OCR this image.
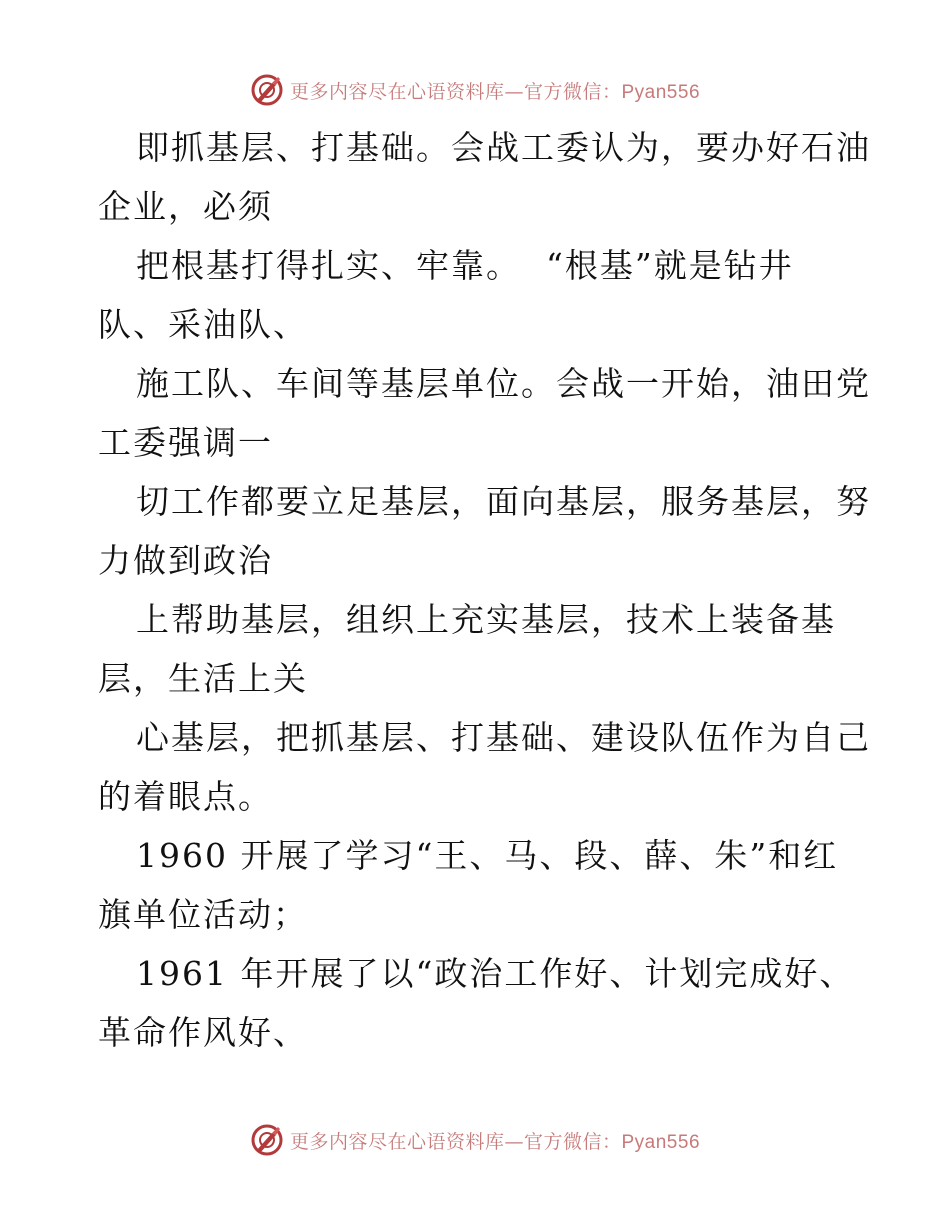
更多内容尽在心语资料库—官方微信：Pyan556
即抓基层、打基础。会战工委认为，要办好石油
企业，必须
把根基打得扎实、牢靠。  “根基”就是钻井
队、采油队、
施工队、车间等基层单位。会战一开始，油田党
工委强调一
切工作都要立足基层，面向基层，服务基层，努
力做到政治
上帮助基层，组织上充实基层，技术上装备基
层，生活上关
心基层，把抓基层、打基础、建设队伍作为自己
的着眼点。
1960 开展了学习“王、马、段、薛、朱”和红
旗单位活动；
1961 年开展了以“政治工作好、计划完成好、
革命作风好、
更多内容尽在心语资料库—官方微信：Pyan556
